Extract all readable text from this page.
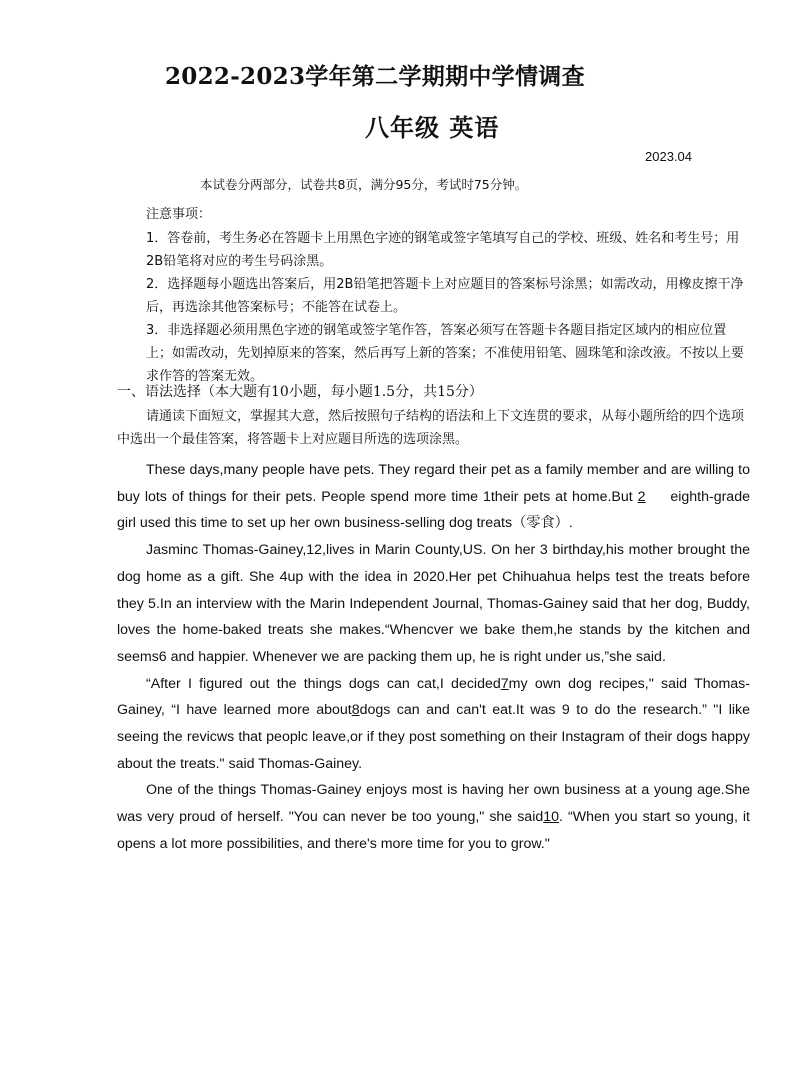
2022-2023学年第二学期期中学情调查
八年级 英语
2023.04
本试卷分两部分，试卷共8页，满分95分，考试时75分钟。
注意事项：

1．答卷前，考生务必在答题卡上用黑色字迹的钢笔或签字笔填写自己的学校、班级、姓名和考生号；用2B铅笔将对应的考生号码涂黑。

2．选择题每小题选出答案后，用2B铅笔把答题卡上对应题目的答案标号涂黑；如需改动，用橡皮擦干净后，再选涂其他答案标号；不能答在试卷上。

3．非选择题必须用黑色字迹的钢笔或签字笔作答，答案必须写在答题卡各题目指定区域内的相应位置上；如需改动，先划掉原来的答案，然后再写上新的答案；不准使用铅笔、圆珠笔和涂改液。不按以上要求作答的答案无效。

一、语法选择（本大题有10小题，每小题1.5分，共15分）

请通读下面短文，掌握其大意，然后按照句子结构的语法和上下文连贯的要求，从每小题所给的四个选项中选出一个最佳答案，将答题卡上对应题目所选的选项涂黑。

These days,many people have pets. They regard their pet as a family member and are willing to buy lots of things for their pets. People spend more time 1their pets at home.But 2 eighth-grade girl used this time to set up her own business-selling dog treats（零食）.

Jasminc Thomas-Gainey,12,lives in Marin County,US. On her 3 birthday,his mother brought the dog home as a gift. She 4up with the idea in 2020.Her pet Chihuahua helps test the treats before they 5.In an interview with the Marin Independent Journal, Thomas-Gainey said that her dog, Buddy, loves the home-baked treats she makes.“Whencver we bake them,he stands by the kitchen and seems6 and happier. Whenever we are packing them up, he is right under us,”she said.

“After I figured out the things dogs can cat,I decided7my own dog recipes," said Thomas-Gainey, “I have learned more about8dogs can and can't eat.It was 9 to do the research.” "I like seeing the revicws that peoplc leave,or if they post something on their Instagram of their dogs happy about the treats." said Thomas-Gainey.

One of the things Thomas-Gainey enjoys most is having her own business at a young age.She was very proud of herself. "You can never be too young," she said10. “When you start so young, it opens a lot more possibilities, and there's more time for you to grow."
